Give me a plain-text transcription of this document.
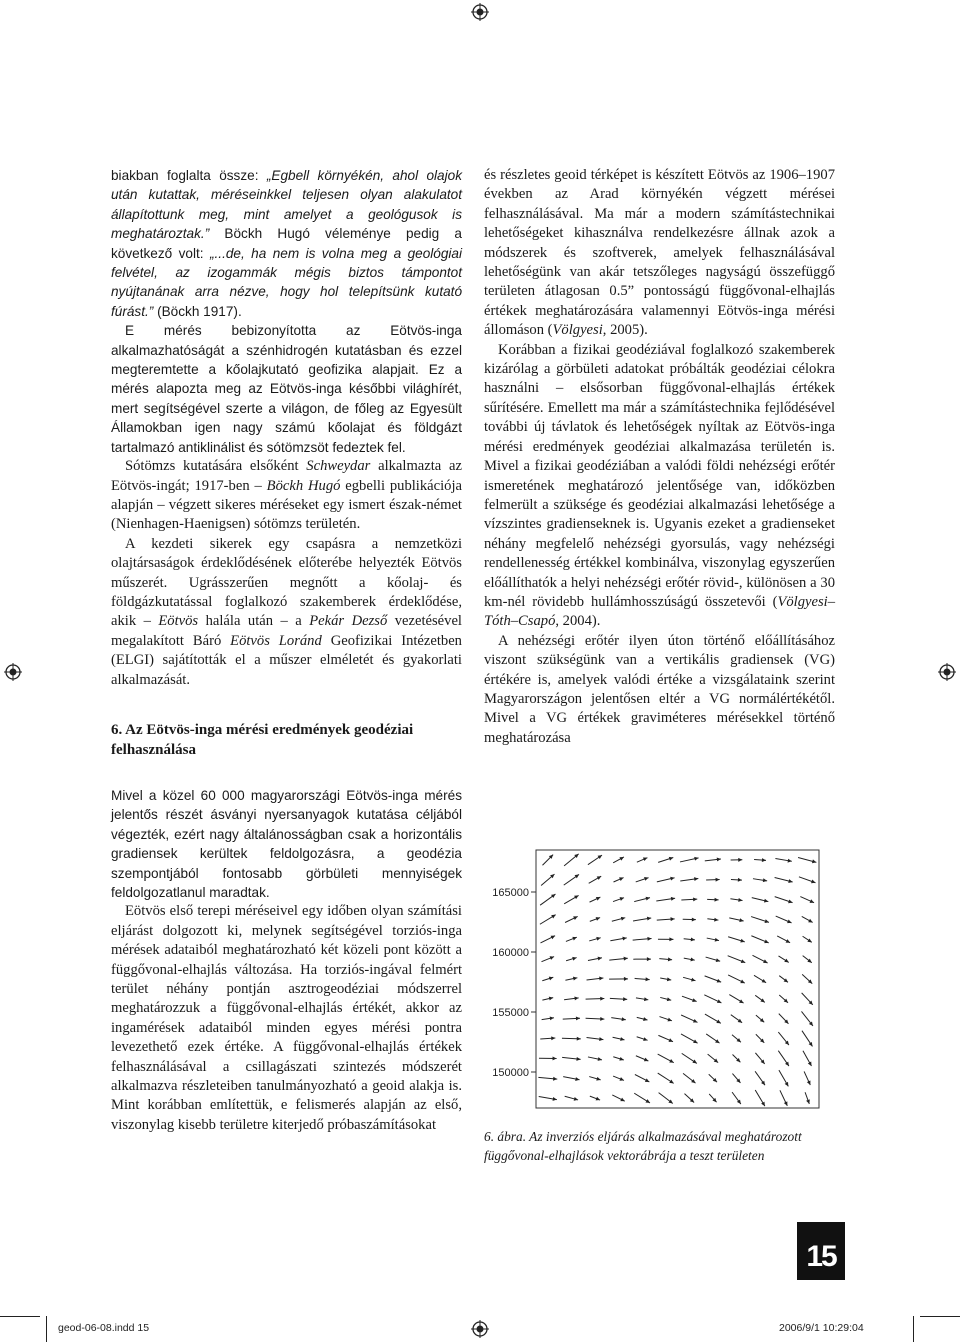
biakban foglalta össze: „Egbell környékén, ahol olajok után kutattak, méréseinkkel teljesen olyan alakulatot állapítottunk meg, mint amelyet a geológusok is meghatároztak.” Böckh Hugó véleménye pedig a következő volt: „...de, ha nem is volna meg a geológiai felvétel, az izogammák mégis biztos támpontot nyújtanának arra nézve, hogy hol telepítsünk kutató fúrást.” (Böckh 1917).

E mérés bebizonyította az Eötvös-inga alkalmazhatóságát a szénhidrogén kutatásban és ezzel megteremtette a kőolajkutató geofizika alapjait. Ez a mérés alapozta meg az Eötvös-inga későbbi világhírét, mert segítségével szerte a világon, de főleg az Egyesült Államokban igen nagy számú kőolajat és földgázt tartalmazó antiklinálist és sótömzsöt fedeztek fel.

Sótömzs kutatására elsőként Schweydar alkalmazta az Eötvös-ingát; 1917-ben – Böckh Hugó egbelli publikációja alapján – végzett sikeres méréseket egy ismert észak-német (Nienhagen-Haenigsen) sótömzs területén.

A kezdeti sikerek egy csapásra a nemzetközi olajtársaságok érdeklődésének előterébe helyezték Eötvös műszerét. Ugrásszerűen megnőtt a kőolaj- és földgázkutatással foglalkozó szakemberek érdeklődése, akik – Eötvös halála után – a Pekár Dezső vezetésével megalakított Báró Eötvös Loránd Geofizikai Intézetben (ELGI) sajátították el a műszer elméletét és gyakorlati alkalmazását.

6. Az Eötvös-inga mérési eredmények geodéziai felhasználása

Mivel a közel 60 000 magyarországi Eötvös-inga mérés jelentős részét ásványi nyersanyagok kutatása céljából végezték, ezért nagy általánosságban csak a horizontális gradiensek kerültek feldolgozásra, a geodézia szempontjából fontosabb görbületi mennyiségek feldolgozatlanul maradtak.

Eötvös első terepi méréseivel egy időben olyan számítási eljárást dolgozott ki, melynek segítségével torziós-inga mérések adataiból meghatározható két közeli pont között a függővonal-elhajlás változása. Ha torziós-ingával felmért terület néhány pontján asztrogeodéziai módszerrel meghatározzuk a függővonal-elhajlás értékét, akkor az ingamérések adataiból minden egyes mérési pontra levezethető ezek értéke. A függővonal-elhajlás értékek felhasználásával a csillagászati szintezés módszerét alkalmazva részleteiben tanulmányozható a geoid alakja is. Mint korábban említettük, e felismerés alapján az első, viszonylag kisebb területre kiterjedő próbaszámításokat

és részletes geoid térképet is készített Eötvös az 1906–1907 években az Arad környékén végzett mérései felhasználásával. Ma már a modern számítástechnikai lehetőségeket kihasználva rendelkezésre állnak azok a módszerek és szoftverek, amelyek felhasználásával lehetőségünk van akár tetszőleges nagyságú összefüggő területen átlagosan 0.5” pontosságú függővonal-elhajlás értékek meghatározására valamennyi Eötvös-inga mérési állomáson (Völgyesi, 2005).

Korábban a fizikai geodéziával foglalkozó szakemberek kizárólag a görbületi adatokat próbálták geodéziai célokra használni – elsősorban függővonal-elhajlás értékek sűrítésére. Emellett ma már a számítástechnika fejlődésével további új távlatok és lehetőségek nyíltak az Eötvös-inga mérési eredmények geodéziai alkalmazása területén is. Mivel a fizikai geodéziában a valódi földi nehézségi erőtér ismeretének meghatározó jelentősége van, időközben felmerült a szüksége és geodéziai alkalmazási lehetősége a vízszintes gradienseknek is. Ugyanis ezeket a gradienseket néhány megfelelő nehézségi gyorsulás, vagy nehézségi rendellenesség értékkel kombinálva, viszonylag egyszerűen előállíthatók a helyi nehézségi erőtér rövid-, különösen a 30 km-nél rövidebb hullámhosszúságú összetevői (Völgyesi–Tóth–Csapó, 2004).

A nehézségi erőtér ilyen úton történő előállításához viszont szükségünk van a vertikális gradiensek (VG) értékére is, amelyek valódi értéke a vizsgálataink szerint Magyarországon jelentősen eltér a VG normálértékétől. Mivel a VG értékek graviméteres mérésekkel történő meghatározása

165000
160000
155000
150000
6. ábra. Az inverziós eljárás alkalmazásával meghatározott függővonal-elhajlások vektorábrája a teszt területen
15
geod-06-08.indd 15	2006/9/1 10:29:04
